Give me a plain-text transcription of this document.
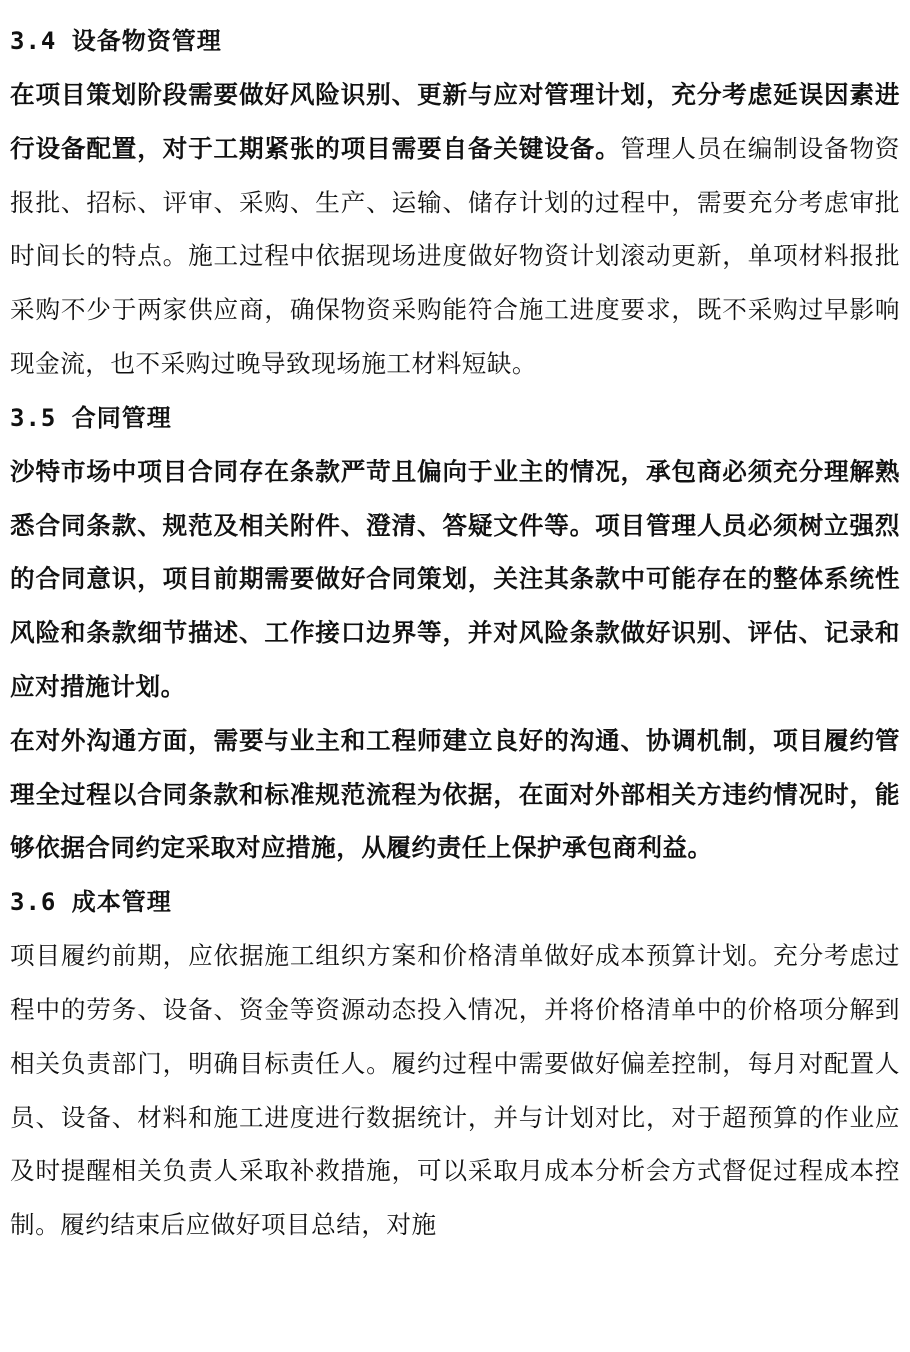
3.4 设备物资管理

在项目策划阶段需要做好风险识别、更新与应对管理计划，充分考虑延误因素进行设备配置，对于工期紧张的项目需要自备关键设备。管理人员在编制设备物资报批、招标、评审、采购、生产、运输、储存计划的过程中，需要充分考虑审批时间长的特点。施工过程中依据现场进度做好物资计划滚动更新，单项材料报批采购不少于两家供应商，确保物资采购能符合施工进度要求，既不采购过早影响现金流，也不采购过晚导致现场施工材料短缺。

3.5 合同管理

沙特市场中项目合同存在条款严苛且偏向于业主的情况，承包商必须充分理解熟悉合同条款、规范及相关附件、澄清、答疑文件等。项目管理人员必须树立强烈的合同意识，项目前期需要做好合同策划，关注其条款中可能存在的整体系统性风险和条款细节描述、工作接口边界等，并对风险条款做好识别、评估、记录和应对措施计划。

在对外沟通方面，需要与业主和工程师建立良好的沟通、协调机制，项目履约管理全过程以合同条款和标准规范流程为依据，在面对外部相关方违约情况时，能够依据合同约定采取对应措施，从履约责任上保护承包商利益。

3.6 成本管理

项目履约前期，应依据施工组织方案和价格清单做好成本预算计划。充分考虑过程中的劳务、设备、资金等资源动态投入情况，并将价格清单中的价格项分解到相关负责部门，明确目标责任人。履约过程中需要做好偏差控制，每月对配置人员、设备、材料和施工进度进行数据统计，并与计划对比，对于超预算的作业应及时提醒相关负责人采取补救措施，可以采取月成本分析会方式督促过程成本控制。履约结束后应做好项目总结，对施
